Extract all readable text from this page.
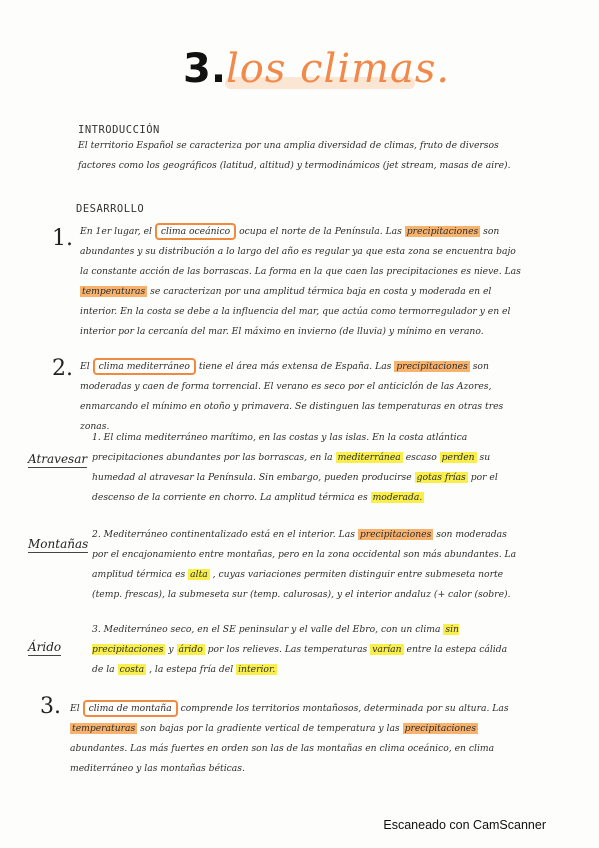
3. los climas.
INTRODUCCIÓN
El territorio Español se caracteriza por una amplia diversidad de climas, fruto de diversos factores como los geográficos (latitud, altitud) y termodinámicos (jet stream, masas de aire).
DESARROLLO
1. En 1er lugar, el clima oceánico ocupa el norte de la Península. Las precipitaciones son abundantes y su distribución a lo largo del año es regular ya que esta zona se encuentra bajo la constante acción de las borrascas. La forma en la que caen las precipitaciones es nieve. Las temperaturas se caracterizan por una amplitud térmica baja en costa y moderada en el interior. En la costa se debe a la influencia del mar, que actúa como termorregulador y en el interior por la cercanía del mar. El máximo en invierno (de lluvia) y mínimo en verano.
2. El clima mediterráneo tiene el área más extensa de España. Las precipitaciones son moderadas y caen de forma torrencial. El verano es seco por el anticiclón de las Azores, enmarcando el mínimo en otoño y primavera. Se distinguen las temperaturas en otras tres zonas.
Atravesar
1. El clima mediterráneo marítimo, en las costas y las islas. En la costa atlántica precipitaciones abundantes por las borrascas, en la mediterránea escaso perden su humedad al atravesar la Península. Sin embargo, pueden producirse gotas frías por el descenso de la corriente en chorro. La amplitud térmica es moderada.
Montañas
2. Mediterráneo continentalizado está en el interior. Las precipitaciones son moderadas por el encajonamiento entre montañas, pero en la zona occidental son más abundantes. La amplitud térmica es alta , cuyas variaciones permiten distinguir entre submeseta norte (temp. frescas), la submeseta sur (temp. calurosas), y el interior andaluz (+ calor (sobre).
Árido
3. Mediterráneo seco, en el SE peninsular y el valle del Ebro, con un clima sin precipitaciones y árido por los relieves. Las temperaturas varían entre la estepa cálida de la costa , la estepa fría del interior.
3. El clima de montaña comprende los territorios montañosos, determinada por su altura. Las temperaturas son bajas por la gradiente vertical de temperatura y las precipitaciones abundantes. Las más fuertes en orden son las de las montañas en clima oceánico, en clima mediterráneo y las montañas béticas.
Escaneado con CamScanner
